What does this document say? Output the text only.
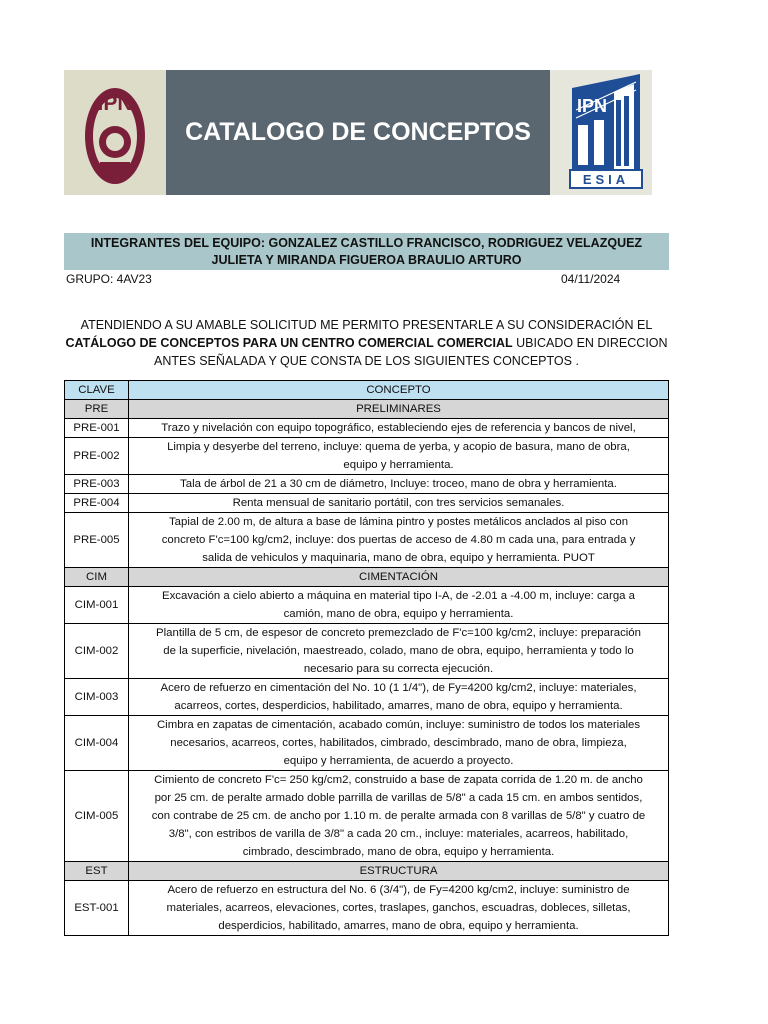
IPN
CATALOGO DE CONCEPTOS
IPN
ESIA
INTEGRANTES DEL EQUIPO: GONZALEZ CASTILLO FRANCISCO, RODRIGUEZ VELAZQUEZ JULIETA Y MIRANDA FIGUEROA BRAULIO ARTURO
GRUPO: 4AV23	04/11/2024
ATENDIENDO A SU AMABLE SOLICITUD ME PERMITO PRESENTARLE A SU CONSIDERACIÓN EL
CATÁLOGO DE CONCEPTOS PARA UN CENTRO COMERCIAL COMERCIAL UBICADO EN DIRECCION
ANTES SEÑALADA Y QUE CONSTA DE LOS SIGUIENTES CONCEPTOS .
CLAVE	CONCEPTO
PRE	PRELIMINARES
PRE-001	Trazo y nivelación con equipo topográfico, estableciendo ejes de referencia y bancos de nivel,

PRE-002	Limpia y desyerbe del terreno, incluye: quema de yerba, y acopio de basura, mano de obra,
equipo y herramienta.

PRE-003	Tala de árbol de 21 a 30 cm de diámetro, Incluye: troceo, mano de obra y herramienta.

PRE-004	Renta mensual de sanitario portátil, con tres servicios semanales.

PRE-005	Tapial de 2.00 m, de altura a base de lámina pintro y postes metálicos anclados al piso con
concreto F'c=100 kg/cm2, incluye: dos puertas de acceso de 4.80 m cada una, para entrada y
salida de vehiculos y maquinaria, mano de obra, equipo y herramienta. PUOT

CIM	CIMENTACIÓN
CIM-001	Excavación a cielo abierto a máquina en material tipo I-A, de -2.01 a -4.00 m, incluye: carga a
camión, mano de obra, equipo y herramienta.

CIM-002	Plantilla de 5 cm, de espesor de concreto premezclado de F'c=100 kg/cm2, incluye: preparación
de la superficie, nivelación, maestreado, colado, mano de obra, equipo, herramienta y todo lo
necesario para su correcta ejecución.

CIM-003	Acero de refuerzo en cimentación del No. 10 (1 1/4"), de Fy=4200 kg/cm2, incluye: materiales,
acarreos, cortes, desperdicios, habilitado, amarres, mano de obra, equipo y herramienta.

CIM-004	Cimbra en zapatas de cimentación, acabado común, incluye: suministro de todos los materiales
necesarios, acarreos, cortes, habilitados, cimbrado, descimbrado, mano de obra, limpieza,
equipo y herramienta, de acuerdo a proyecto.

CIM-005	Cimiento de concreto F'c= 250 kg/cm2, construido a base de zapata corrida de 1.20 m. de ancho
por 25 cm. de peralte armado doble parrilla de varillas de 5/8" a cada 15 cm. en ambos sentidos,
con contrabe de 25 cm. de ancho por 1.10 m. de peralte armada con 8 varillas de 5/8" y cuatro de
3/8", con estribos de varilla de 3/8" a cada 20 cm., incluye: materiales, acarreos, habilitado,
cimbrado, descimbrado, mano de obra, equipo y herramienta.

EST	ESTRUCTURA
EST-001	Acero de refuerzo en estructura del No. 6 (3/4"), de Fy=4200 kg/cm2, incluye: suministro de
materiales, acarreos, elevaciones, cortes, traslapes, ganchos, escuadras, dobleces, silletas,
desperdicios, habilitado, amarres, mano de obra, equipo y herramienta.
